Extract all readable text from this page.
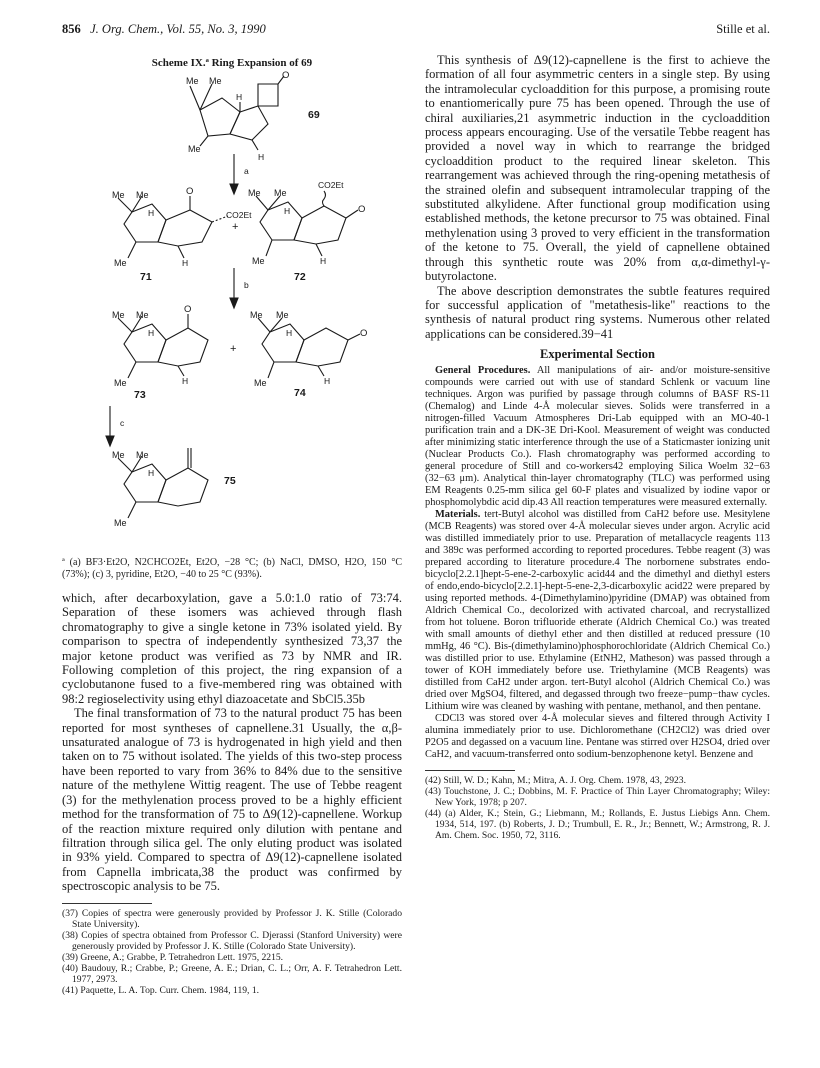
856 J. Org. Chem., Vol. 55, No. 3, 1990	Stille et al.
Scheme IX.ª Ring Expansion of 69
Me Me
H
O
Me
H
69
a
Me Me	O
H	CO2Et
Me	H
71
+
Me Me
CO2Et
H	O
Me	H
72
b
Me Me	O
H
Me	H
73
+
Me Me
H	O
Me	H
74
c
Me Me
H
Me
75
ª (a) BF3·Et2O, N2CHCO2Et, Et2O, −28 °C; (b) NaCl, DMSO, H2O, 150 °C (73%); (c) 3, pyridine, Et2O, −40 to 25 °C (93%).

which, after decarboxylation, gave a 5.0:1.0 ratio of 73:74. Separation of these isomers was achieved through flash chromatography to give a single ketone in 73% isolated yield. By comparison to spectra of independently synthesized 73,37 the major ketone product was verified as 73 by NMR and IR. Following completion of this project, the ring expansion of a cyclobutanone fused to a five-membered ring was obtained with 98:2 regioselectivity using ethyl diazoacetate and SbCl5.35b

The final transformation of 73 to the natural product 75 has been reported for most syntheses of capnellene.31 Usually, the α,β-unsaturated analogue of 73 is hydrogenated in high yield and then taken on to 75 without isolated. The yields of this two-step process have been reported to vary from 36% to 84% due to the sensitive nature of the methylene Wittig reagent. The use of Tebbe reagent (3) for the methylenation process proved to be a highly efficient method for the transformation of 75 to Δ9(12)-capnellene. Workup of the reaction mixture required only dilution with pentane and filtration through silica gel. The only eluting product was isolated in 93% yield. Compared to spectra of Δ9(12)-capnellene isolated from Capnella imbricata,38 the product was confirmed by spectroscopic analysis to be 75.

(37) Copies of spectra were generously provided by Professor J. K. Stille (Colorado State University).
(38) Copies of spectra obtained from Professor C. Djerassi (Stanford University) were generously provided by Professor J. K. Stille (Colorado State University).
(39) Greene, A.; Grabbe, P. Tetrahedron Lett. 1975, 2215.
(40) Baudouy, R.; Crabbe, P.; Greene, A. E.; Drian, C. L.; Orr, A. F. Tetrahedron Lett. 1977, 2973.
(41) Paquette, L. A. Top. Curr. Chem. 1984, 119, 1.

This synthesis of Δ9(12)-capnellene is the first to achieve the formation of all four asymmetric centers in a single step. By using the intramolecular cycloaddition for this purpose, a promising route to enantiomerically pure 75 has been opened. Through the use of chiral auxiliaries,21 asymmetric induction in the cycloaddition process appears encouraging. Use of the versatile Tebbe reagent has provided a novel way in which to rearrange the bridged cycloaddition product to the required linear skeleton. This rearrangement was achieved through the ring-opening metathesis of the strained olefin and subsequent intramolecular trapping of the substituted alkylidene. After functional group modification using established methods, the ketone precursor to 75 was obtained. Final methylenation using 3 proved to very efficient in the transformation of the ketone to 75. Overall, the yield of capnellene obtained through this synthetic route was 20% from α,α-dimethyl-γ-butyrolactone.

The above description demonstrates the subtle features required for successful application of "metathesis-like" reactions to the synthesis of natural product ring systems. Numerous other related applications can be considered.39−41

Experimental Section

General Procedures. All manipulations of air- and/or moisture-sensitive compounds were carried out with use of standard Schlenk or vacuum line techniques. Argon was purified by passage through columns of BASF RS-11 (Chemalog) and Linde 4-Å molecular sieves. Solids were transferred in a nitrogen-filled Vacuum Atmospheres Dri-Lab equipped with an MO-40-1 purification train and a DK-3E Dri-Kool. Measurement of weight was conducted after minimizing static interference through the use of a Staticmaster ionizing unit (Nuclear Products Co.). Flash chromatography was performed according to general procedure of Still and co-workers42 employing Silica Woelm 32−63 (32−63 μm). Analytical thin-layer chromatography (TLC) was performed using EM Reagents 0.25-mm silica gel 60-F plates and visualized by iodine vapor or phosphomolybdic acid dip.43 All reaction temperatures were measured externally.

Materials. tert-Butyl alcohol was distilled from CaH2 before use. Mesitylene (MCB Reagents) was stored over 4-Å molecular sieves under argon. Acrylic acid was distilled immediately prior to use. Preparation of metallacycle reagents 113 and 389c was performed according to reported procedures. Tebbe reagent (3) was prepared according to literature procedure.4 The norbornene substrates endo-bicyclo[2.2.1]hept-5-ene-2-carboxylic acid44 and the dimethyl and diethyl esters of endo,endo-bicyclo[2.2.1]-hept-5-ene-2,3-dicarboxylic acid22 were prepared by using reported methods. 4-(Dimethylamino)pyridine (DMAP) was obtained from Aldrich Chemical Co., decolorized with activated charcoal, and recrystallized from hot toluene. Boron trifluoride etherate (Aldrich Chemical Co.) was treated with small amounts of diethyl ether and then distilled at reduced pressure (10 mmHg, 46 °C). Bis-(dimethylamino)phosphorochloridate (Aldrich Chemical Co.) was distilled prior to use. Ethylamine (EtNH2, Matheson) was passed through a tower of KOH immediately before use. Triethylamine (MCB Reagents) was distilled from CaH2 under argon. tert-Butyl alcohol (Aldrich Chemical Co.) was dried over MgSO4, filtered, and degassed through two freeze−pump−thaw cycles. Lithium wire was cleaned by washing with pentane, methanol, and then pentane.

CDCl3 was stored over 4-Å molecular sieves and filtered through Activity I alumina immediately prior to use. Dichloromethane (CH2Cl2) was dried over P2O5 and degassed on a vacuum line. Pentane was stirred over H2SO4, dried over CaH2, and vacuum-transferred onto sodium-benzophenone ketyl. Benzene and

(42) Still, W. D.; Kahn, M.; Mitra, A. J. Org. Chem. 1978, 43, 2923.
(43) Touchstone, J. C.; Dobbins, M. F. Practice of Thin Layer Chromatography; Wiley: New York, 1978; p 207.
(44) (a) Alder, K.; Stein, G.; Liebmann, M.; Rollands, E. Justus Liebigs Ann. Chem. 1934, 514, 197. (b) Roberts, J. D.; Trumbull, E. R., Jr.; Bennett, W.; Armstrong, R. J. Am. Chem. Soc. 1950, 72, 3116.
